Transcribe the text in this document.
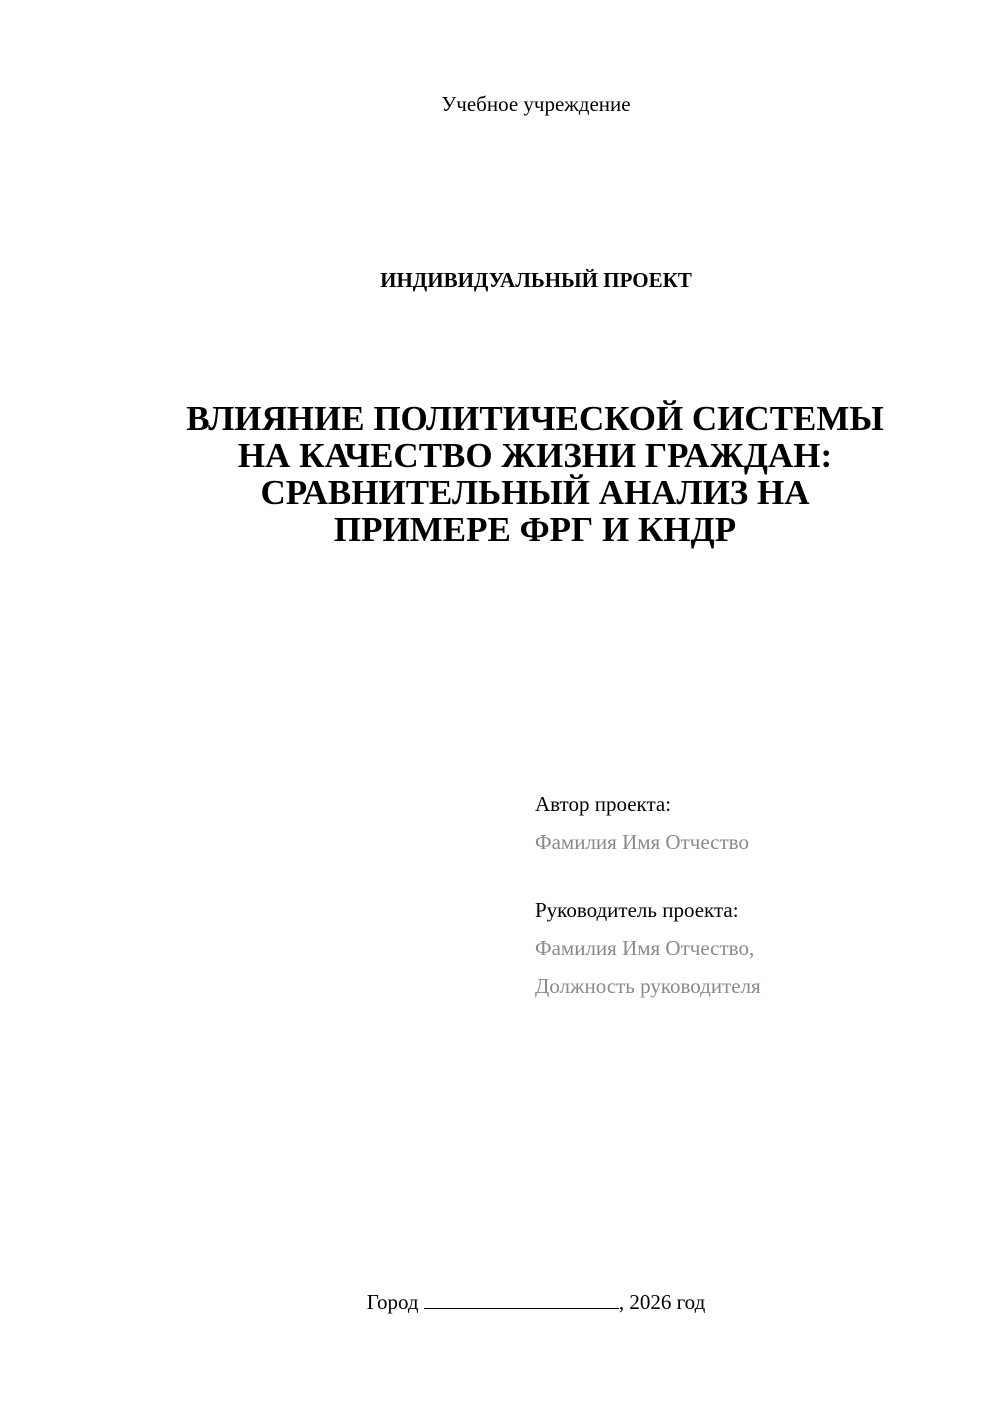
Учебное учреждение
ИНДИВИДУАЛЬНЫЙ ПРОЕКТ
ВЛИЯНИЕ ПОЛИТИЧЕСКОЙ СИСТЕМЫ
НА КАЧЕСТВО ЖИЗНИ ГРАЖДАН:
СРАВНИТЕЛЬНЫЙ АНАЛИЗ НА
ПРИМЕРЕ ФРГ И КНДР
Автор проекта:
Фамилия Имя Отчество
Руководитель проекта:
Фамилия Имя Отчество,
Должность руководителя
Город	, 2026 год
